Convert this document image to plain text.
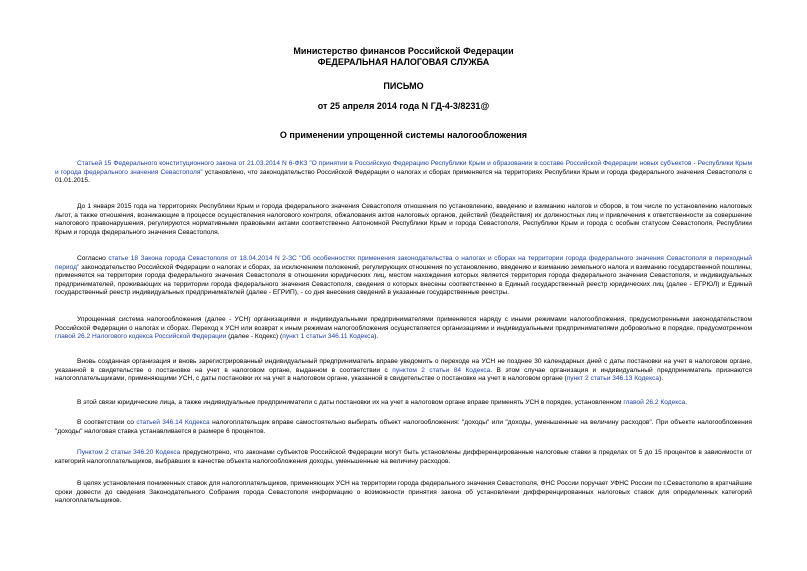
Министерство финансов Российской Федерации
ФЕДЕРАЛЬНАЯ НАЛОГОВАЯ СЛУЖБА
ПИСЬМО
от 25 апреля 2014 года N ГД-4-3/8231@
О применении упрощенной системы налогообложения

Статьей 15 Федерального конституционного закона от 21.03.2014 N 6-ФКЗ "О принятии в Российскую Федерацию Республики Крым и образовании в составе Российской Федерации новых субъектов - Республики Крым и города федерального значения Севастополя" установлено, что законодательство Российской Федерации о налогах и сборах применяется на территориях Республики Крым и города федерального значения Севастополя с 01.01.2015.

До 1 января 2015 года на территориях Республики Крым и города федерального значения Севастополя отношения по установлению, введению и взиманию налогов и сборов, в том числе по установлению налоговых льгот, а также отношения, возникающие в процессе осуществления налогового контроля, обжалования актов налоговых органов, действий (бездействия) их должностных лиц и привлечения к ответственности за совершение налогового правонарушения, регулируются нормативными правовыми актами соответственно Автономной Республики Крым и города Севастополя, Республики Крым и города с особым статусом Севастополя, Республики Крым и города федерального значения Севастополя.

Согласно статье 18 Закона города Севастополя от 18.04.2014 N 2-ЗС "Об особенностях применения законодательства о налогах и сборах на территории города федерального значения Севастополя в переходный период" законодательство Российской Федерации о налогах и сборах, за исключением положений, регулирующих отношения по установлению, введению и взиманию земельного налога и взиманию государственной пошлины, применяется на территории города федерального значения Севастополя в отношении юридических лиц, местом нахождения которых является территория города федерального значения Севастополя, и индивидуальных предпринимателей, проживающих на территории города федерального значения Севастополя, сведения о которых внесены соответственно в Единый государственный реестр юридических лиц (далее - ЕГРЮЛ) и Единый государственный реестр индивидуальных предпринимателей (далее - ЕГРИП), - со дня внесения сведений в указанные государственные реестры.

Упрощенная система налогообложения (далее - УСН) организациями и индивидуальными предпринимателями применяется наряду с иными режимами налогообложения, предусмотренными законодательством Российской Федерации о налогах и сборах. Переход к УСН или возврат к иным режимам налогообложения осуществляется организациями и индивидуальными предпринимателями добровольно в порядке, предусмотренном главой 26.2 Налогового кодекса Российской Федерации (далее - Кодекс) (пункт 1 статьи 346.11 Кодекса).

Вновь созданная организация и вновь зарегистрированный индивидуальный предприниматель вправе уведомить о переходе на УСН не позднее 30 календарных дней с даты постановки на учет в налоговом органе, указанной в свидетельстве о постановке на учет в налоговом органе, выданном в соответствии с пунктом 2 статьи 84 Кодекса. В этом случае организация и индивидуальный предприниматель признаются налогоплательщиками, применяющими УСН, с даты постановки их на учет в налоговом органе, указанной в свидетельстве о постановке на учет в налоговом органе (пункт 2 статьи 346.13 Кодекса).

В этой связи юридические лица, а также индивидуальные предприниматели с даты постановки их на учет в налоговом органе вправе применять УСН в порядке, установленном главой 26.2 Кодекса.

В соответствии со статьей 346.14 Кодекса налогоплательщик вправе самостоятельно выбирать объект налогообложения: "доходы" или "доходы, уменьшенные на величину расходов". При объекте налогообложения "доходы" налоговая ставка устанавливается в размере 6 процентов.

Пунктом 2 статьи 346.20 Кодекса предусмотрено, что законами субъектов Российской Федерации могут быть установлены дифференцированные налоговые ставки в пределах от 5 до 15 процентов в зависимости от категорий налогоплательщиков, выбравших в качестве объекта налогообложения доходы, уменьшенные на величину расходов.

В целях установления пониженных ставок для налогоплательщиков, применяющих УСН на территории города федерального значения Севастополя, ФНС России поручает УФНС России по г.Севастополю в кратчайшие сроки довести до сведения Законодательного Собрания города Севастополя информацию о возможности принятия закона об установлении дифференцированных налоговых ставок для определенных категорий налогоплательщиков.
